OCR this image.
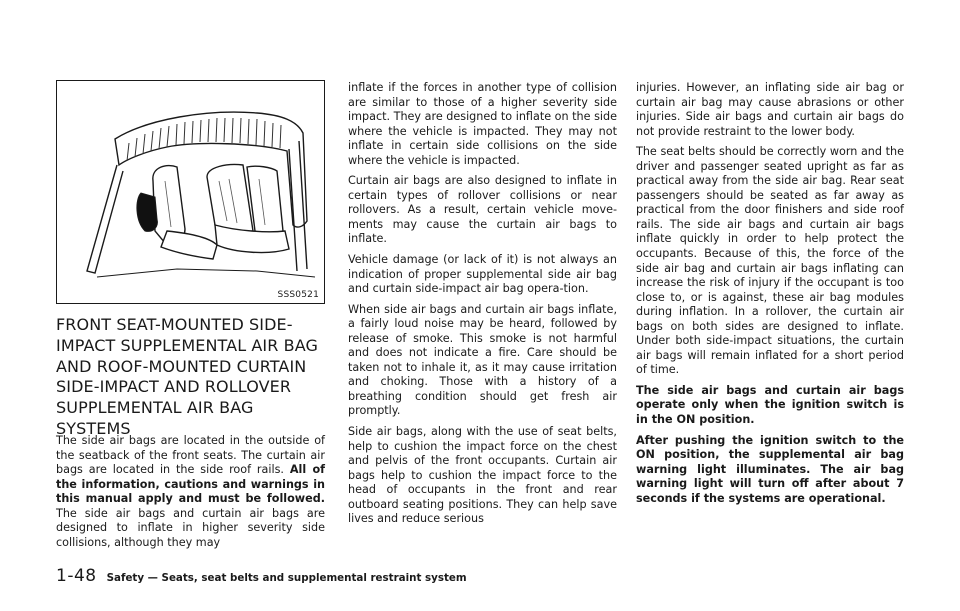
SSS0521
FRONT SEAT-MOUNTED SIDE-IMPACT SUPPLEMENTAL AIR BAG AND ROOF-MOUNTED CURTAIN SIDE-IMPACT AND ROLLOVER SUPPLEMENTAL AIR BAG SYSTEMS

The side air bags are located in the outside of the seatback of the front seats. The curtain air bags are located in the side roof rails. All of the information, cautions and warnings in this manual apply and must be followed. The side air bags and curtain air bags are designed to inflate in higher severity side collisions, although they may

inflate if the forces in another type of collision are similar to those of a higher severity side impact. They are designed to inflate on the side where the vehicle is impacted. They may not inflate in certain side collisions on the side where the vehicle is impacted.

Curtain air bags are also designed to inflate in certain types of rollover collisions or near rollovers. As a result, certain vehicle move-ments may cause the curtain air bags to inflate.

Vehicle damage (or lack of it) is not always an indication of proper supplemental side air bag and curtain side-impact air bag opera-tion.

When side air bags and curtain air bags inflate, a fairly loud noise may be heard, followed by release of smoke. This smoke is not harmful and does not indicate a fire. Care should be taken not to inhale it, as it may cause irritation and choking. Those with a history of a breathing condition should get fresh air promptly.

Side air bags, along with the use of seat belts, help to cushion the impact force on the chest and pelvis of the front occupants. Curtain air bags help to cushion the impact force to the head of occupants in the front and rear outboard seating positions. They can help save lives and reduce serious

injuries. However, an inflating side air bag or curtain air bag may cause abrasions or other injuries. Side air bags and curtain air bags do not provide restraint to the lower body.

The seat belts should be correctly worn and the driver and passenger seated upright as far as practical away from the side air bag. Rear seat passengers should be seated as far away as practical from the door finishers and side roof rails. The side air bags and curtain air bags inflate quickly in order to help protect the occupants. Because of this, the force of the side air bag and curtain air bags inflating can increase the risk of injury if the occupant is too close to, or is against, these air bag modules during inflation. In a rollover, the curtain air bags on both sides are designed to inflate. Under both side-impact situations, the curtain air bags will remain inflated for a short period of time.

The side air bags and curtain air bags operate only when the ignition switch is in the ON position.

After pushing the ignition switch to the ON position, the supplemental air bag warning light illuminates. The air bag warning light will turn off after about 7 seconds if the systems are operational.

1-48 Safety — Seats, seat belts and supplemental restraint system
